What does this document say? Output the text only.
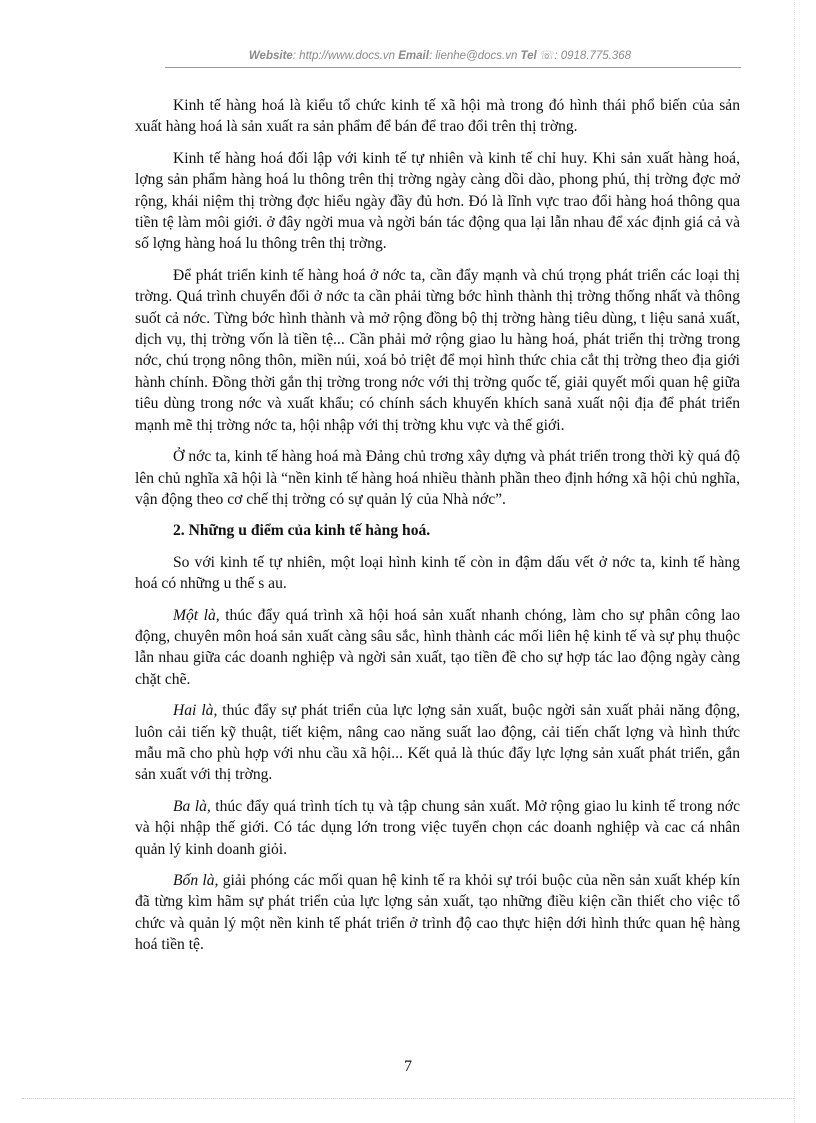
Website: http://www.docs.vn Email: lienhe@docs.vn Tel ☏: 0918.775.368

Kinh tế hàng hoá là kiểu tổ chức kinh tế xã hội mà trong đó hình thái phổ biến của sản xuất hàng hoá là sản xuất ra sản phẩm để bán để trao đổi trên thị trờng.

Kinh tế hàng hoá đối lập với kinh tế tự nhiên và kinh tế chỉ huy. Khi sản xuất hàng hoá, lợng sản phẩm hàng hoá lu thông trên thị trờng ngày càng dồi dào, phong phú, thị trờng đợc mở rộng, khái niệm thị trờng đợc hiểu ngày đầy đủ hơn. Đó là lĩnh vực trao đổi hàng hoá thông qua tiền tệ làm môi giới. ở đây ngời mua và ngời bán tác động qua lại lẫn nhau để xác định giá cả và số lợng hàng hoá lu thông trên thị trờng.

Để phát triển kinh tế hàng hoá ở nớc ta, cần đẩy mạnh và chú trọng phát triển các loại thị trờng. Quá trình chuyển đổi ở nớc ta cần phải từng bớc hình thành thị trờng thống nhất và thông suốt cả nớc. Từng bớc hình thành và mở rộng đồng bộ thị trờng hàng tiêu dùng, t liệu sanả xuất, dịch vụ, thị trờng vốn là tiền tệ... Cần phải mở rộng giao lu hàng hoá, phát triển thị trờng trong nớc, chú trọng nông thôn, miền núi, xoá bỏ triệt để mọi hình thức chia cắt thị trờng theo địa giới hành chính. Đồng thời gắn thị trờng trong nớc với thị trờng quốc tế, giải quyết mối quan hệ giữa tiêu dùng trong nớc và xuất khẩu; có chính sách khuyến khích sanả xuất nội địa để phát triển mạnh mẽ thị trờng nớc ta, hội nhập với thị trờng khu vực và thế giới.

Ở nớc ta, kinh tế hàng hoá mà Đảng chủ trơng xây dựng và phát triển trong thời kỳ quá độ lên chủ nghĩa xã hội là “nền kinh tế hàng hoá nhiều thành phần theo định hớng xã hội chủ nghĩa, vận động theo cơ chế thị trờng có sự quản lý của Nhà nớc”.

2. Những u điểm của kinh tế hàng hoá.

So với kinh tế tự nhiên, một loại hình kinh tế còn in đậm dấu vết ở nớc ta, kinh tế hàng hoá có những u thế s au.

Một là, thúc đẩy quá trình xã hội hoá sản xuất nhanh chóng, làm cho sự phân công lao động, chuyên môn hoá sản xuất càng sâu sắc, hình thành các mối liên hệ kinh tế và sự phụ thuộc lẫn nhau giữa các doanh nghiệp và ngời sản xuất, tạo tiền đề cho sự hợp tác lao động ngày càng chặt chẽ.

Hai là, thúc đẩy sự phát triển của lực lợng sản xuất, buộc ngời sản xuất phải năng động, luôn cải tiến kỹ thuật, tiết kiệm, nâng cao năng suất lao động, cải tiến chất lợng và hình thức mẫu mã cho phù hợp với nhu cầu xã hội... Kết quả là thúc đẩy lực lợng sản xuất phát triển, gắn sản xuất với thị trờng.

Ba là, thúc đẩy quá trình tích tụ và tập chung sản xuất. Mở rộng giao lu kinh tế trong nớc và hội nhập thế giới. Có tác dụng lớn trong việc tuyển chọn các doanh nghiệp và cac cá nhân quản lý kinh doanh giỏi.

Bốn là, giải phóng các mối quan hệ kinh tế ra khỏi sự trói buộc của nền sản xuất khép kín đã từng kìm hãm sự phát triển của lực lợng sản xuất, tạo những điều kiện cần thiết cho việc tổ chức và quản lý một nền kinh tế phát triển ở trình độ cao thực hiện dới hình thức quan hệ hàng hoá tiền tệ.

7
